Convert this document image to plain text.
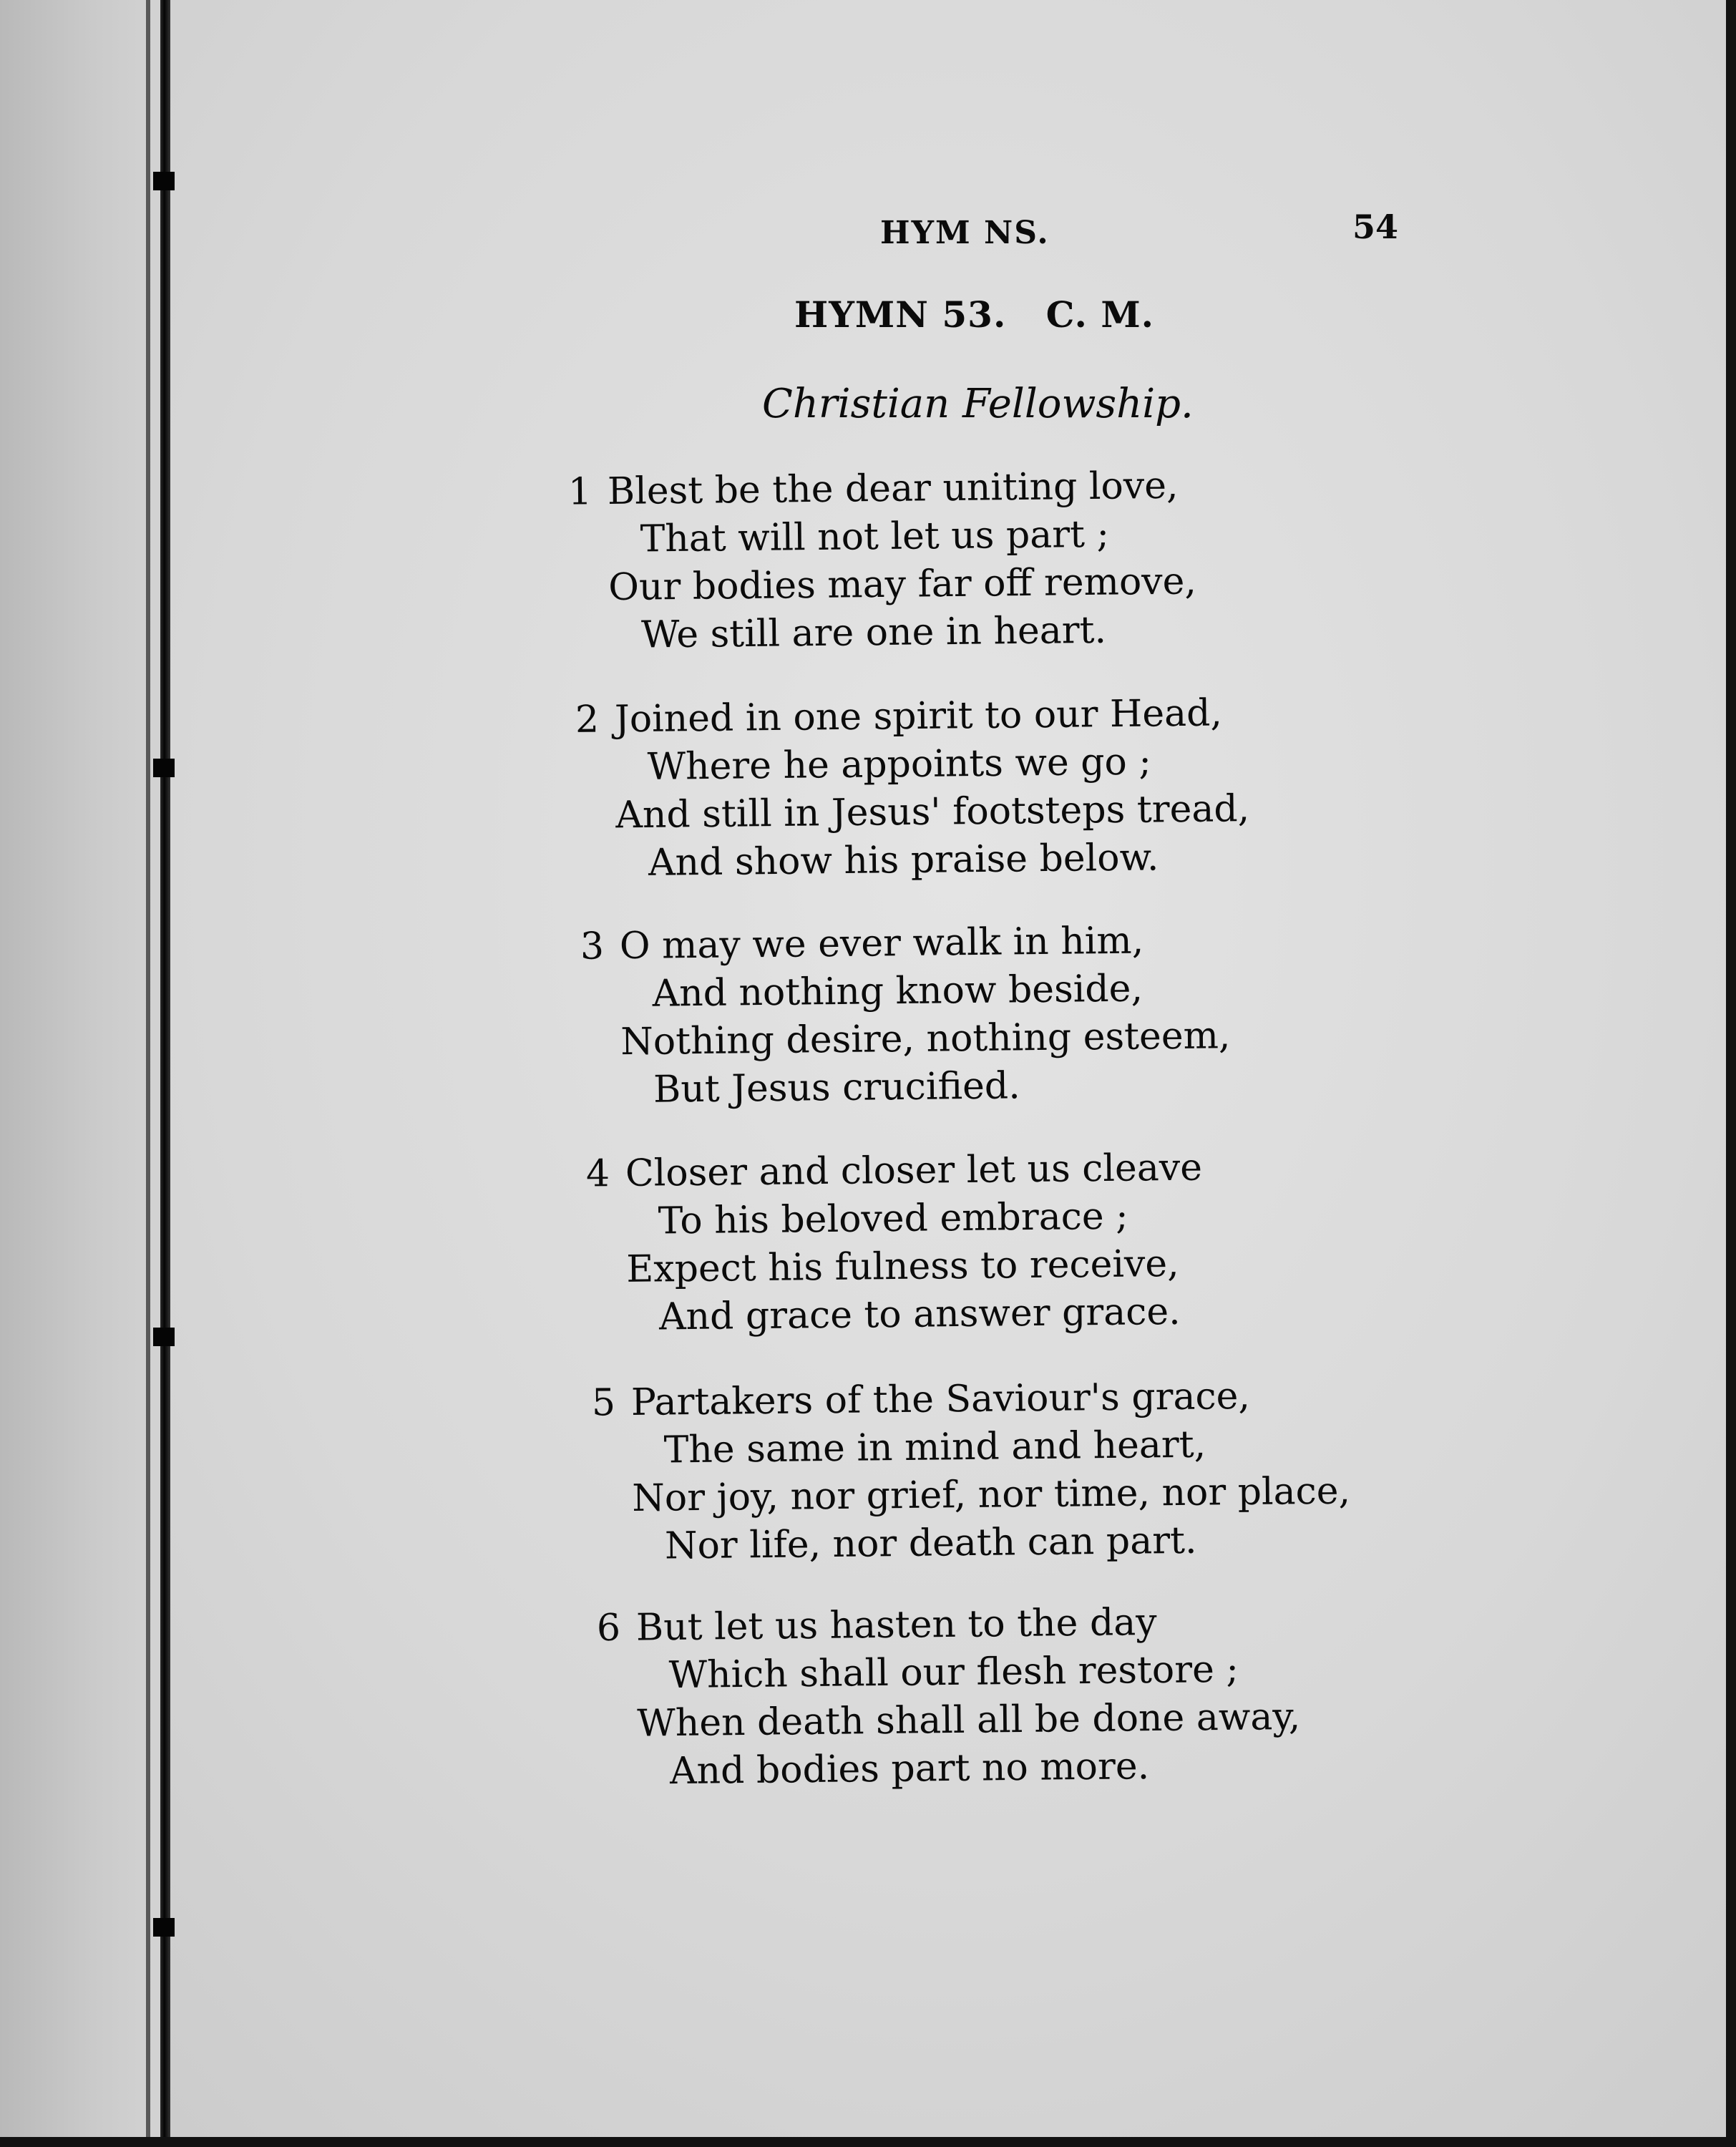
HYM NS.	54
HYMN 53.   C. M.
Christian Fellowship.
1 Blest be the dear uniting love,
That will not let us part ;
Our bodies may far off remove,
We still are one in heart.
2 Joined in one spirit to our Head,
Where he appoints we go ;
And still in Jesus' footsteps tread,
And show his praise below.
3 O may we ever walk in him,
And nothing know beside,
Nothing desire, nothing esteem,
But Jesus crucified.
4 Closer and closer let us cleave
To his beloved embrace ;
Expect his fulness to receive,
And grace to answer grace.
5 Partakers of the Saviour's grace,
The same in mind and heart,
Nor joy, nor grief, nor time, nor place,
Nor life, nor death can part.
6 But let us hasten to the day
Which shall our flesh restore ;
When death shall all be done away,
And bodies part no more.
